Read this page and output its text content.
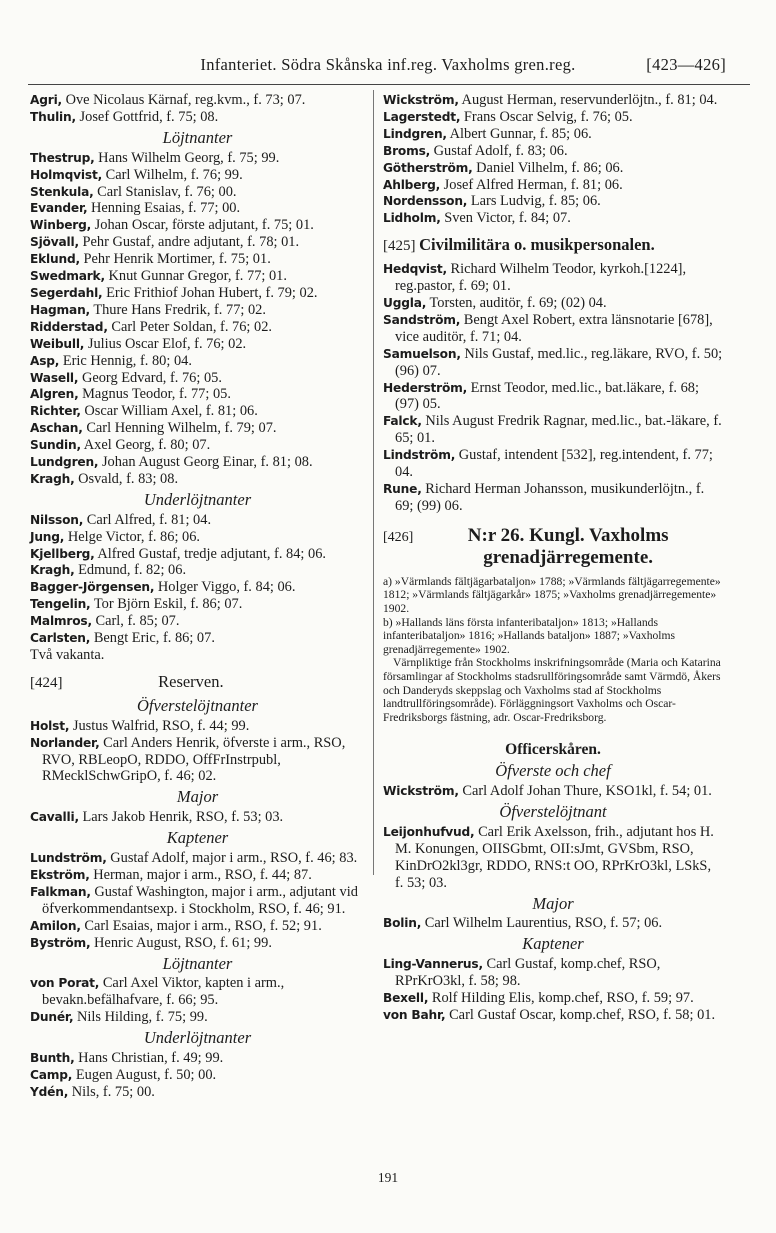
Infanteriet. Södra Skånska inf.reg. Vaxholms gren.reg.	[423—426]

Agri, Ove Nicolaus Kärnaf, reg.kvm., f. 73; 07.

Thulin, Josef Gottfrid, f. 75; 08.

Löjtnanter

Thestrup, Hans Wilhelm Georg, f. 75; 99.

Holmqvist, Carl Wilhelm, f. 76; 99.

Stenkula, Carl Stanislav, f. 76; 00.

Evander, Henning Esaias, f. 77; 00.

Winberg, Johan Oscar, förste adjutant, f. 75; 01.

Sjövall, Pehr Gustaf, andre adjutant, f. 78; 01.

Eklund, Pehr Henrik Mortimer, f. 75; 01.

Swedmark, Knut Gunnar Gregor, f. 77; 01.

Segerdahl, Eric Frithiof Johan Hubert, f. 79; 02.

Hagman, Thure Hans Fredrik, f. 77; 02.

Ridderstad, Carl Peter Soldan, f. 76; 02.

Weibull, Julius Oscar Elof, f. 76; 02.

Asp, Eric Hennig, f. 80; 04.

Wasell, Georg Edvard, f. 76; 05.

Algren, Magnus Teodor, f. 77; 05.

Richter, Oscar William Axel, f. 81; 06.

Aschan, Carl Henning Wilhelm, f. 79; 07.

Sundin, Axel Georg, f. 80; 07.

Lundgren, Johan August Georg Einar, f. 81; 08.

Kragh, Osvald, f. 83; 08.

Underlöjtnanter

Nilsson, Carl Alfred, f. 81; 04.

Jung, Helge Victor, f. 86; 06.

Kjellberg, Alfred Gustaf, tredje adjutant, f. 84; 06.

Kragh, Edmund, f. 82; 06.

Bagger-Jörgensen, Holger Viggo, f. 84; 06.

Tengelin, Tor Björn Eskil, f. 86; 07.

Malmros, Carl, f. 85; 07.

Carlsten, Bengt Eric, f. 86; 07.

Två vakanta.

[424]	Reserven.
Öfverstelöjtnanter

Holst, Justus Walfrid, RSO, f. 44; 99.

Norlander, Carl Anders Henrik, öfverste i arm., RSO, RVO, RBLeopO, RDDO, OffFrInstrpubl, RMecklSchwGripO, f. 46; 02.

Major

Cavalli, Lars Jakob Henrik, RSO, f. 53; 03.

Kaptener

Lundström, Gustaf Adolf, major i arm., RSO, f. 46; 83.

Ekström, Herman, major i arm., RSO, f. 44; 87.

Falkman, Gustaf Washington, major i arm., adjutant vid öfverkommendantsexp. i Stockholm, RSO, f. 46; 91.

Amilon, Carl Esaias, major i arm., RSO, f. 52; 91.

Byström, Henric August, RSO, f. 61; 99.

Löjtnanter

von Porat, Carl Axel Viktor, kapten i arm., bevakn.befälhafvare, f. 66; 95.

Dunér, Nils Hilding, f. 75; 99.

Underlöjtnanter

Bunth, Hans Christian, f. 49; 99.

Camp, Eugen August, f. 50; 00.

Ydén, Nils, f. 75; 00.

Wickström, August Herman, reservunderlöjtn., f. 81; 04.

Lagerstedt, Frans Oscar Selvig, f. 76; 05.

Lindgren, Albert Gunnar, f. 85; 06.

Broms, Gustaf Adolf, f. 83; 06.

Götherström, Daniel Vilhelm, f. 86; 06.

Ahlberg, Josef Alfred Herman, f. 81; 06.

Nordensson, Lars Ludvig, f. 85; 06.

Lidholm, Sven Victor, f. 84; 07.

[425] Civilmilitära o. musikpersonalen.

Hedqvist, Richard Wilhelm Teodor, kyrkoh.[1224], reg.pastor, f. 69; 01.

Uggla, Torsten, auditör, f. 69; (02) 04.

Sandström, Bengt Axel Robert, extra länsnotarie [678], vice auditör, f. 71; 04.

Samuelson, Nils Gustaf, med.lic., reg.läkare, RVO, f. 50; (96) 07.

Hederström, Ernst Teodor, med.lic., bat.läkare, f. 68; (97) 05.

Falck, Nils August Fredrik Ragnar, med.lic., bat.-läkare, f. 65; 01.

Lindström, Gustaf, intendent [532], reg.intendent, f. 77; 04.

Rune, Richard Herman Johansson, musikunderlöjtn., f. 69; (99) 06.

[426]	N:r 26. Kungl. Vaxholms
grenadjärregemente.

a) »Värmlands fältjägarbataljon» 1788; »Värmlands fältjägarregemente» 1812; »Värmlands fältjägarkår» 1875; »Vaxholms grenadjärregemente» 1902.

b) »Hallands läns första infanteribataljon» 1813; »Hallands infanteribataljon» 1816; »Hallands bataljon» 1887; »Vaxholms grenadjärregemente» 1902.

Värnpliktige från Stockholms inskrifningsområde (Maria och Katarina församlingar af Stockholms stadsrullföringsområde samt Värmdö, Åkers och Danderyds skeppslag och Vaxholms stad af Stockholms landtrullföringsområde). Förläggningsort Vaxholms och Oscar-Fredriksborgs fästning, adr. Oscar-Fredriksborg.

Officerskåren.
Öfverste och chef

Wickström, Carl Adolf Johan Thure, KSO1kl, f. 54; 01.

Öfverstelöjtnant

Leijonhufvud, Carl Erik Axelsson, frih., adjutant hos H. M. Konungen, OIISGbmt, OII:sJmt, GVSbm, RSO, KinDrO2kl3gr, RDDO, RNS:t OO, RPrKrO3kl, LSkS, f. 53; 03.

Major

Bolin, Carl Wilhelm Laurentius, RSO, f. 57; 06.

Kaptener

Ling-Vannerus, Carl Gustaf, komp.chef, RSO, RPrKrO3kl, f. 58; 98.

Bexell, Rolf Hilding Elis, komp.chef, RSO, f. 59; 97.

von Bahr, Carl Gustaf Oscar, komp.chef, RSO, f. 58; 01.

191
